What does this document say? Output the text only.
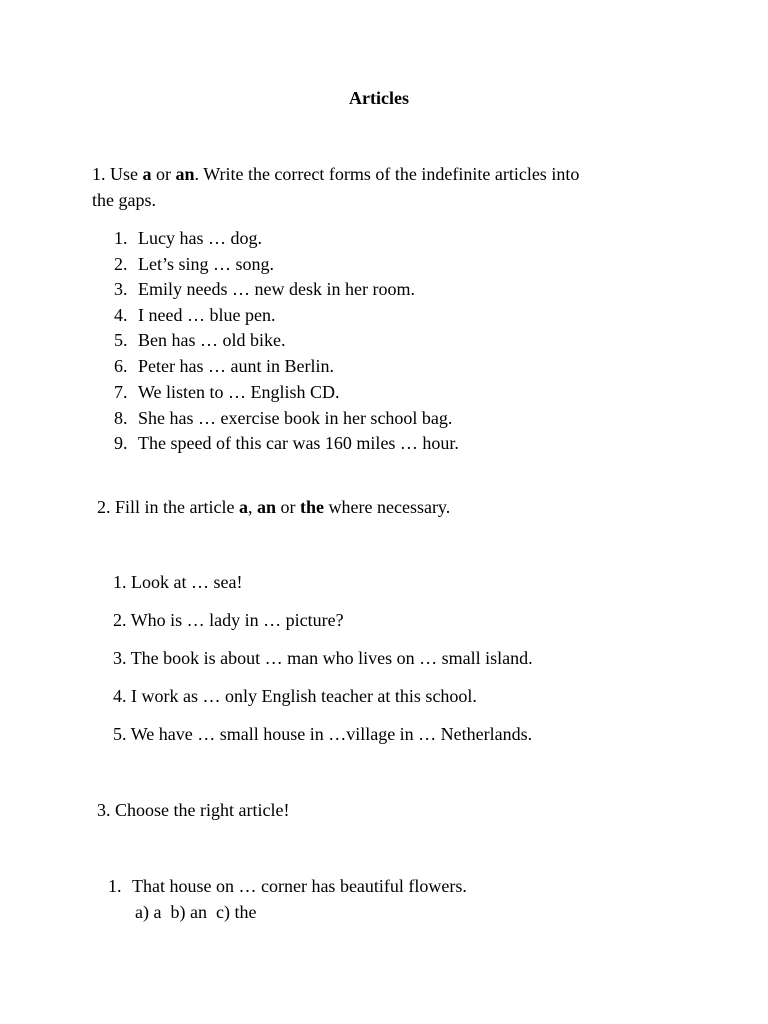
Articles
1. Use a or an. Write the correct forms of the indefinite articles into
the gaps.
1. Lucy has … dog.
2. Let’s sing … song.
3. Emily needs … new desk in her room.
4. I need … blue pen.
5. Ben has … old bike.
6. Peter has … aunt in Berlin.
7. We listen to … English CD.
8. She has … exercise book in her school bag.
9. The speed of this car was 160 miles … hour.
2. Fill in the article a, an or the where necessary.
1. Look at … sea!
2. Who is … lady in … picture?
3. The book is about … man who lives on … small island.
4. I work as … only English teacher at this school.
5. We have … small house in …village in … Netherlands.
3. Choose the right article!
1. That house on … corner has beautiful flowers.
a) a  b) an  c) the
